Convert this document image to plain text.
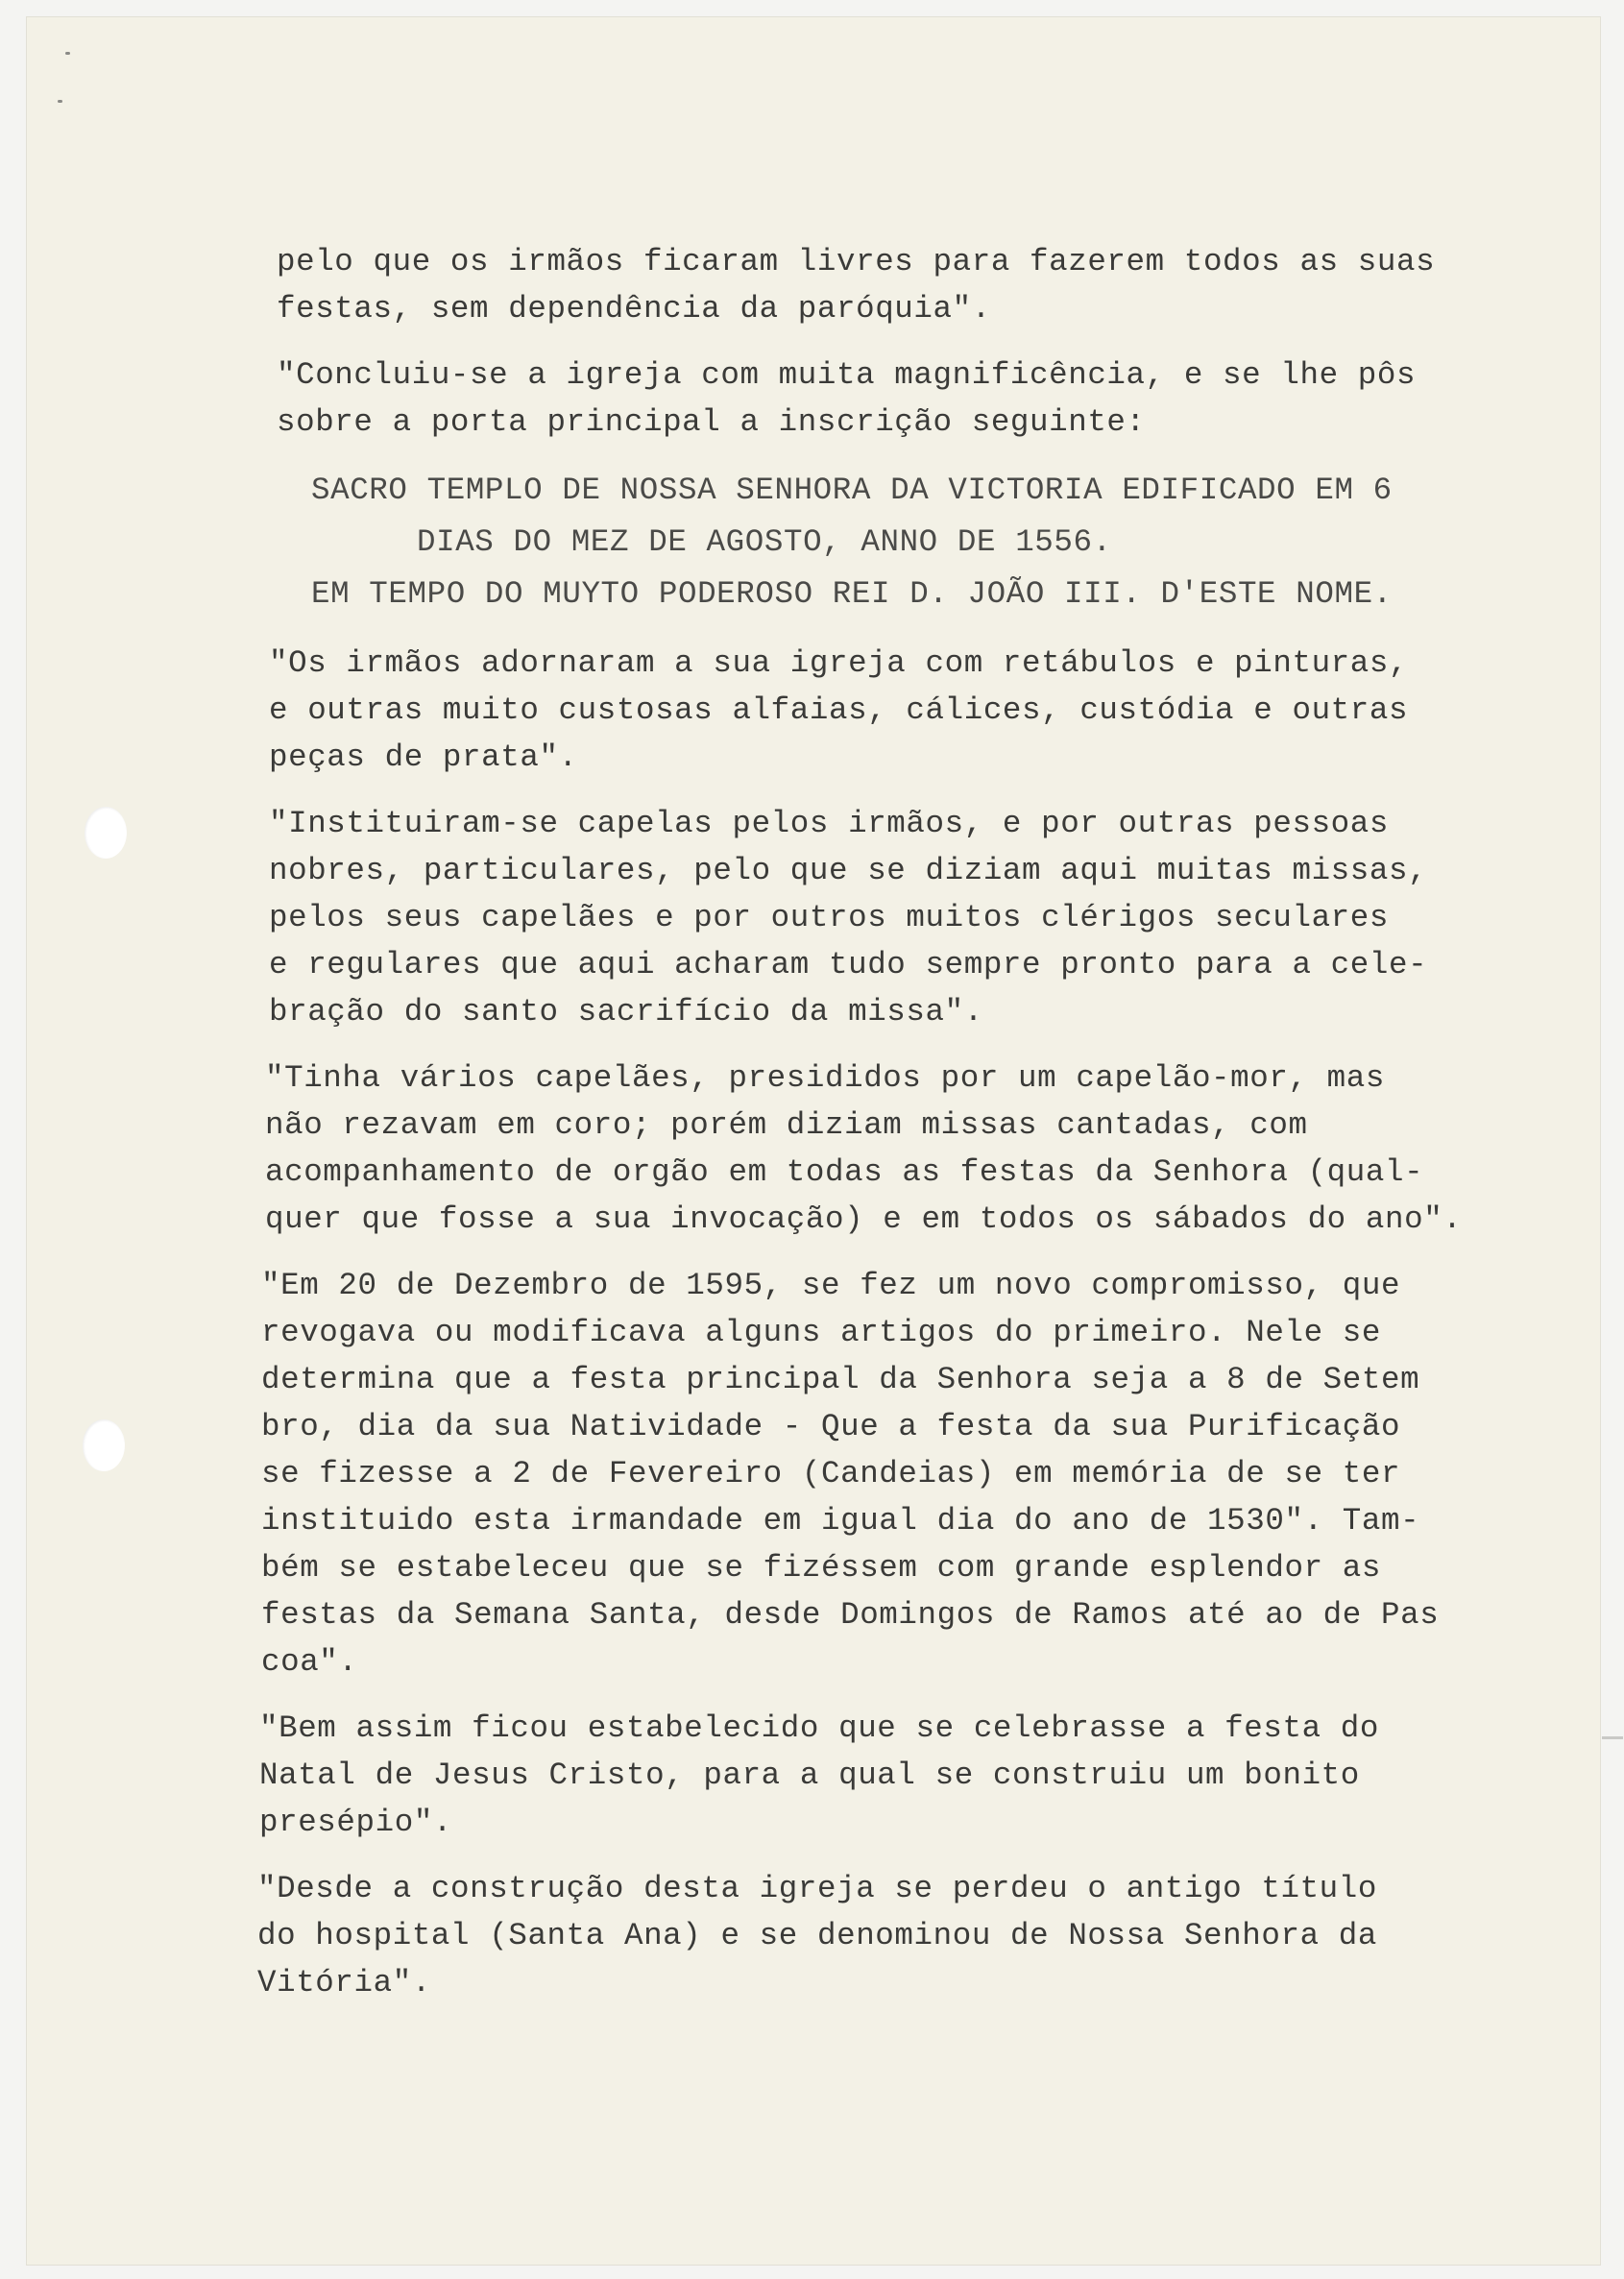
pelo que os irmãos ficaram livres para fazerem todos as suas
festas, sem dependência da paróquia".
"Concluiu-se a igreja com muita magnificência, e se lhe pôs
sobre a porta principal a inscrição seguinte:
SACRO TEMPLO DE NOSSA SENHORA DA VICTORIA EDIFICADO EM 6
DIAS DO MEZ DE AGOSTO, ANNO DE 1556.
EM TEMPO DO MUYTO PODEROSO REI D. JOÃO III. D'ESTE NOME.
"Os irmãos adornaram a sua igreja com retábulos e pinturas,
e outras muito custosas alfaias, cálices, custódia e outras
peças de prata".
"Instituiram-se capelas pelos irmãos, e por outras pessoas
nobres, particulares, pelo que se diziam aqui muitas missas,
pelos seus capelães e por outros muitos clérigos seculares
e regulares que aqui acharam tudo sempre pronto para a cele-
bração do santo sacrifício da missa".
"Tinha vários capelães, presididos por um capelão-mor, mas
não rezavam em coro; porém diziam missas cantadas, com
acompanhamento de orgão em todas as festas da Senhora (qual-
quer que fosse a sua invocação) e em todos os sábados do ano".
"Em 20 de Dezembro de 1595, se fez um novo compromisso, que
revogava ou modificava alguns artigos do primeiro. Nele se
determina que a festa principal da Senhora seja a 8 de Setem
bro, dia da sua Natividade - Que a festa da sua Purificação
se fizesse a 2 de Fevereiro (Candeias) em memória de se ter
instituido esta irmandade em igual dia do ano de 1530". Tam-
bém se estabeleceu que se fizéssem com grande esplendor as
festas da Semana Santa, desde Domingos de Ramos até ao de Pas
coa".
"Bem assim ficou estabelecido que se celebrasse a festa do
Natal de Jesus Cristo, para a qual se construiu um bonito
presépio".
"Desde a construção desta igreja se perdeu o antigo título
do hospital (Santa Ana) e se denominou de Nossa Senhora da
Vitória".
